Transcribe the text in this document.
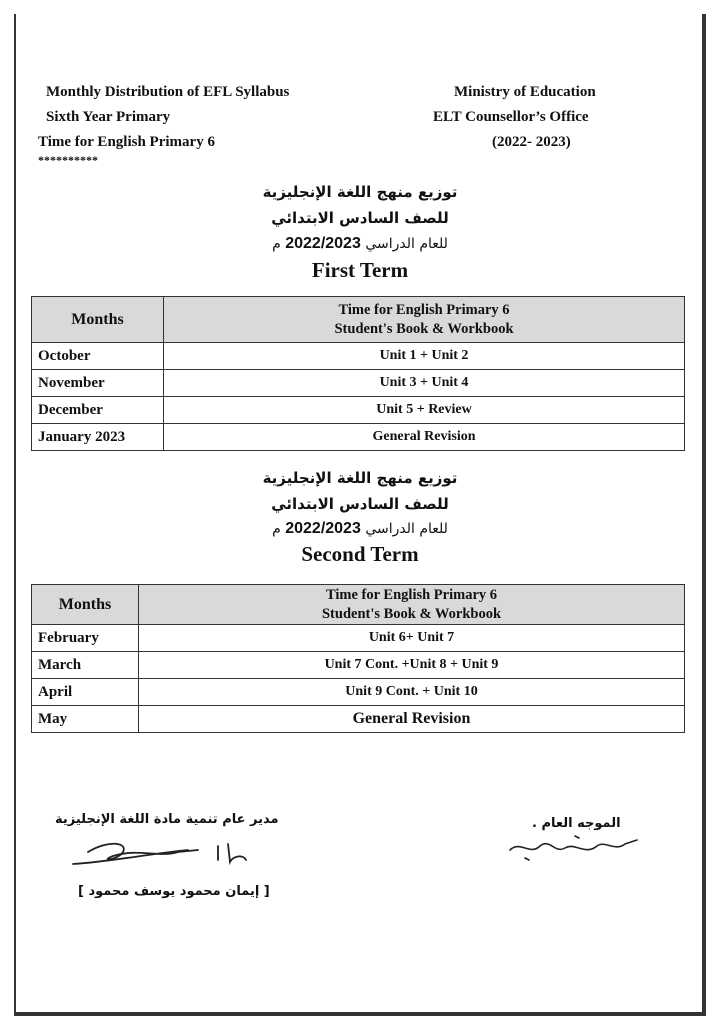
Monthly Distribution of EFL Syllabus
Sixth Year Primary
Time for English Primary 6
**********
Ministry of Education
ELT Counsellor’s Office
(2022- 2023)
توزيع منهج اللغة الإنجليزية
للصف السادس الابتدائي
للعام الدراسي 2022/2023 م
First Term
Months	Time for English Primary 6
Student's Book & Workbook

October	Unit 1 + Unit 2
November	Unit 3 + Unit 4
December	Unit 5 + Review
January 2023	General Revision
توزيع منهج اللغة الإنجليزية
للصف السادس الابتدائي
للعام الدراسي 2022/2023 م
Second Term
Months	Time for English Primary 6
Student's Book & Workbook

February	Unit 6+ Unit 7
March	Unit 7 Cont. +Unit 8 + Unit 9
April	Unit 9 Cont. + Unit 10
May	General Revision
مدير عام تنمية مادة اللغة الإنجليزية
[ إيمان محمود يوسف محمود ]
الموجه العام .
